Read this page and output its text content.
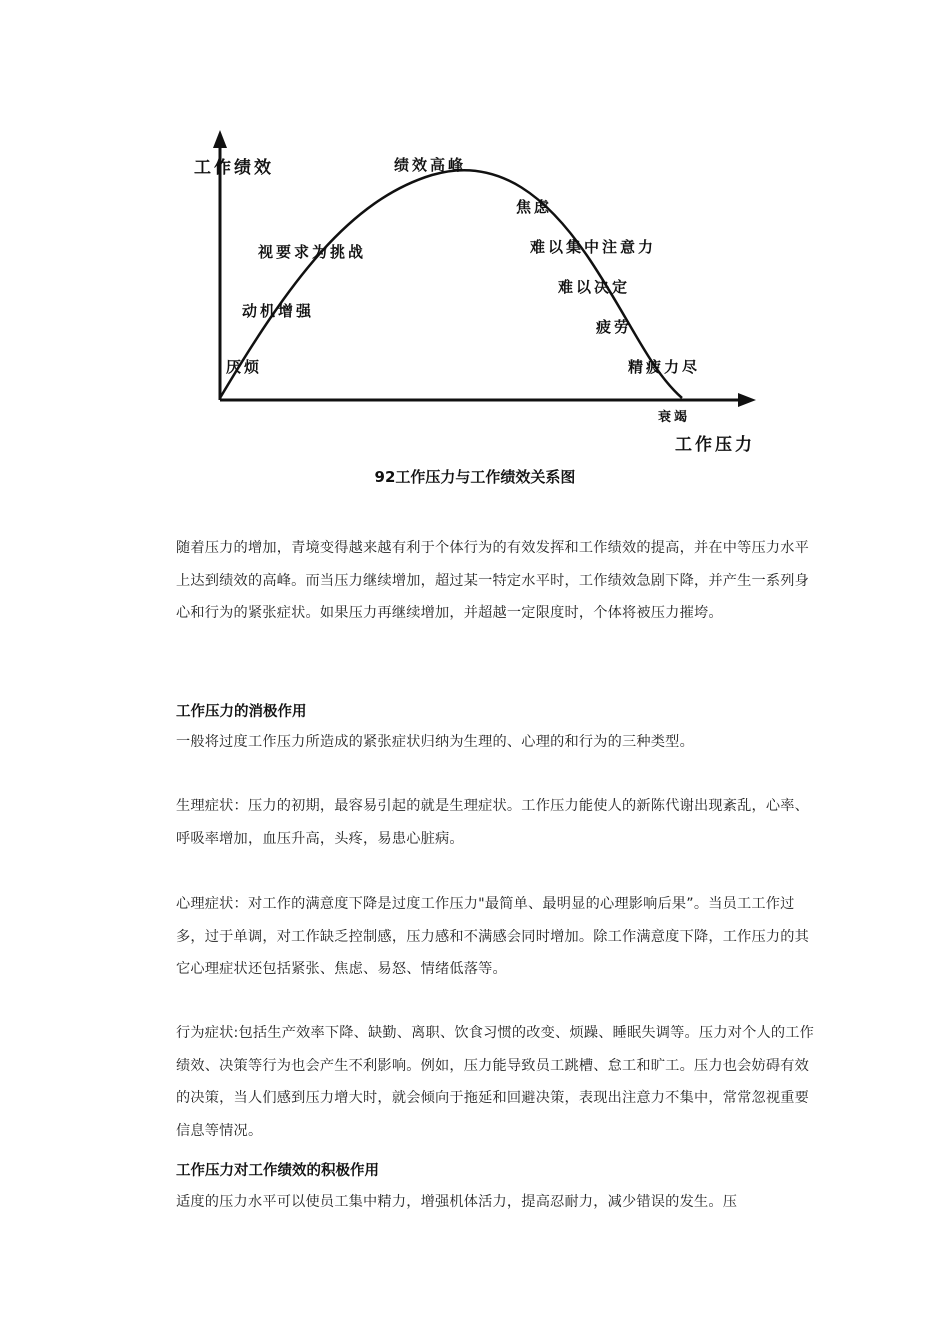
工作绩效	绩效高峰
厌烦
动机增强
视要求为挑战
焦虑
难以集中注意力
难以决定
疲劳
精疲力尽
衰竭
工作压力
92工作压力与工作绩效关系图

随着压力的增加，青境变得越来越有利于个体行为的有效发挥和工作绩效的提高，并在中等压力水平上达到绩效的高峰。而当压力继续增加，超过某一特定水平时，工作绩效急剧下降，并产生一系列身心和行为的紧张症状。如果压力再继续增加，并超越一定限度时，个体将被压力摧垮。

工作压力的消极作用

一般将过度工作压力所造成的紧张症状归纳为生理的、心理的和行为的三种类型。

生理症状：压力的初期，最容易引起的就是生理症状。工作压力能使人的新陈代谢出现紊乱，心率、呼吸率增加，血压升高，头疼，易患心脏病。

心理症状：对工作的满意度下降是过度工作压力"最简单、最明显的心理影响后果”。当员工工作过多，过于单调，对工作缺乏控制感，压力感和不满感会同时增加。除工作满意度下降，工作压力的其它心理症状还包括紧张、焦虑、易怒、情绪低落等。

行为症状:包括生产效率下降、缺勤、离职、饮食习惯的改变、烦躁、睡眠失调等。压力对个人的工作绩效、决策等行为也会产生不利影响。例如，压力能导致员工跳槽、怠工和旷工。压力也会妨碍有效的决策，当人们感到压力增大时，就会倾向于拖延和回避决策，表现出注意力不集中，常常忽视重要信息等情况。

工作压力对工作绩效的积极作用

适度的压力水平可以使员工集中精力，增强机体活力，提高忍耐力，减少错误的发生。压
